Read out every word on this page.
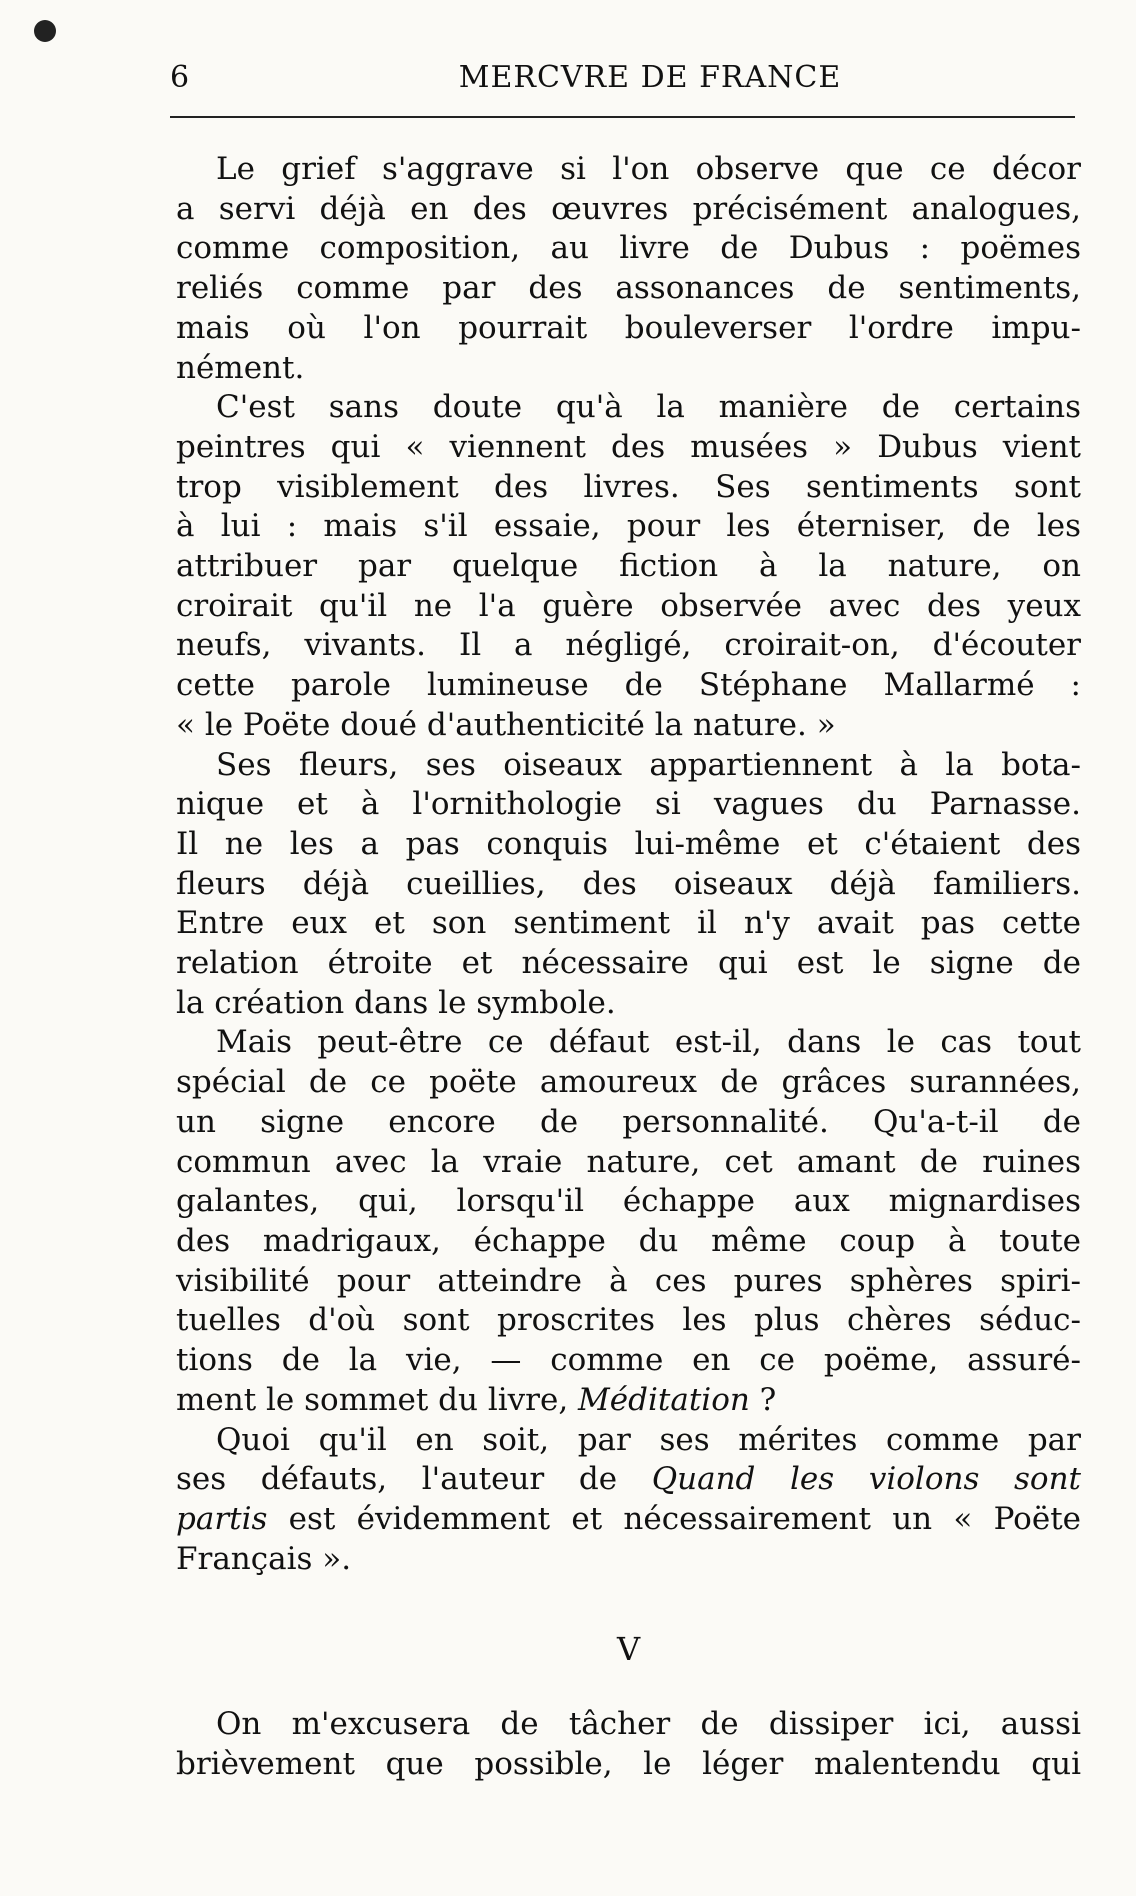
6	MERCVRE DE FRANCE

Le grief s'aggrave si l'on observe que ce décor
a servi déjà en des œuvres précisément analogues,
comme composition, au livre de Dubus : poëmes
reliés comme par des assonances de sentiments,
mais où l'on pourrait bouleverser l'ordre impu-
nément.

C'est sans doute qu'à la manière de certains
peintres qui « viennent des musées » Dubus vient
trop visiblement des livres. Ses sentiments sont
à lui : mais s'il essaie, pour les éterniser, de les
attribuer par quelque fiction à la nature, on
croirait qu'il ne l'a guère observée avec des yeux
neufs, vivants. Il a négligé, croirait-on, d'écouter
cette parole lumineuse de Stéphane Mallarmé :
« le Poëte doué d'authenticité la nature. »

Ses fleurs, ses oiseaux appartiennent à la bota-
nique et à l'ornithologie si vagues du Parnasse.
Il ne les a pas conquis lui-même et c'étaient des
fleurs déjà cueillies, des oiseaux déjà familiers.
Entre eux et son sentiment il n'y avait pas cette
relation étroite et nécessaire qui est le signe de
la création dans le symbole.

Mais peut-être ce défaut est-il, dans le cas tout
spécial de ce poëte amoureux de grâces surannées,
un signe encore de personnalité. Qu'a-t-il de
commun avec la vraie nature, cet amant de ruines
galantes, qui, lorsqu'il échappe aux mignardises
des madrigaux, échappe du même coup à toute
visibilité pour atteindre à ces pures sphères spiri-
tuelles d'où sont proscrites les plus chères séduc-
tions de la vie, — comme en ce poëme, assuré-
ment le sommet du livre, Méditation ?

Quoi qu'il en soit, par ses mérites comme par
ses défauts, l'auteur de Quand les violons sont
partis est évidemment et nécessairement un « Poëte
Français ».

V

On m'excusera de tâcher de dissiper ici, aussi
brièvement que possible, le léger malentendu qui
